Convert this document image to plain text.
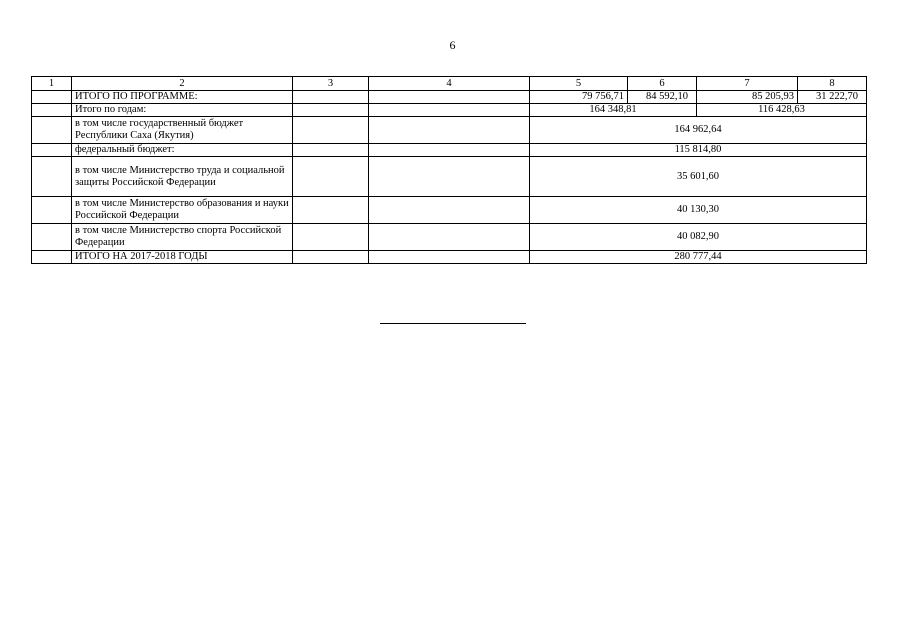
6
1	2	3	4	5	6	7	8
	ИТОГО ПО ПРОГРАММЕ:			79 756,71	84 592,10	85 205,93	31 222,70
	Итого по годам:			164 348,81		116 428,63	
	в том числе государственный бюджет Республики Саха (Якутия)			164 962,64			
	федеральный бюджет:			115 814,80			
	в том числе Министерство труда и социальной защиты Российской Федерации			35 601,60			
	в том числе Министерство образования и науки Российской Федерации			40 130,30			
	в том числе Министерство спорта Российской Федерации			40 082,90			
	ИТОГО НА 2017-2018 ГОДЫ			280 777,44			
